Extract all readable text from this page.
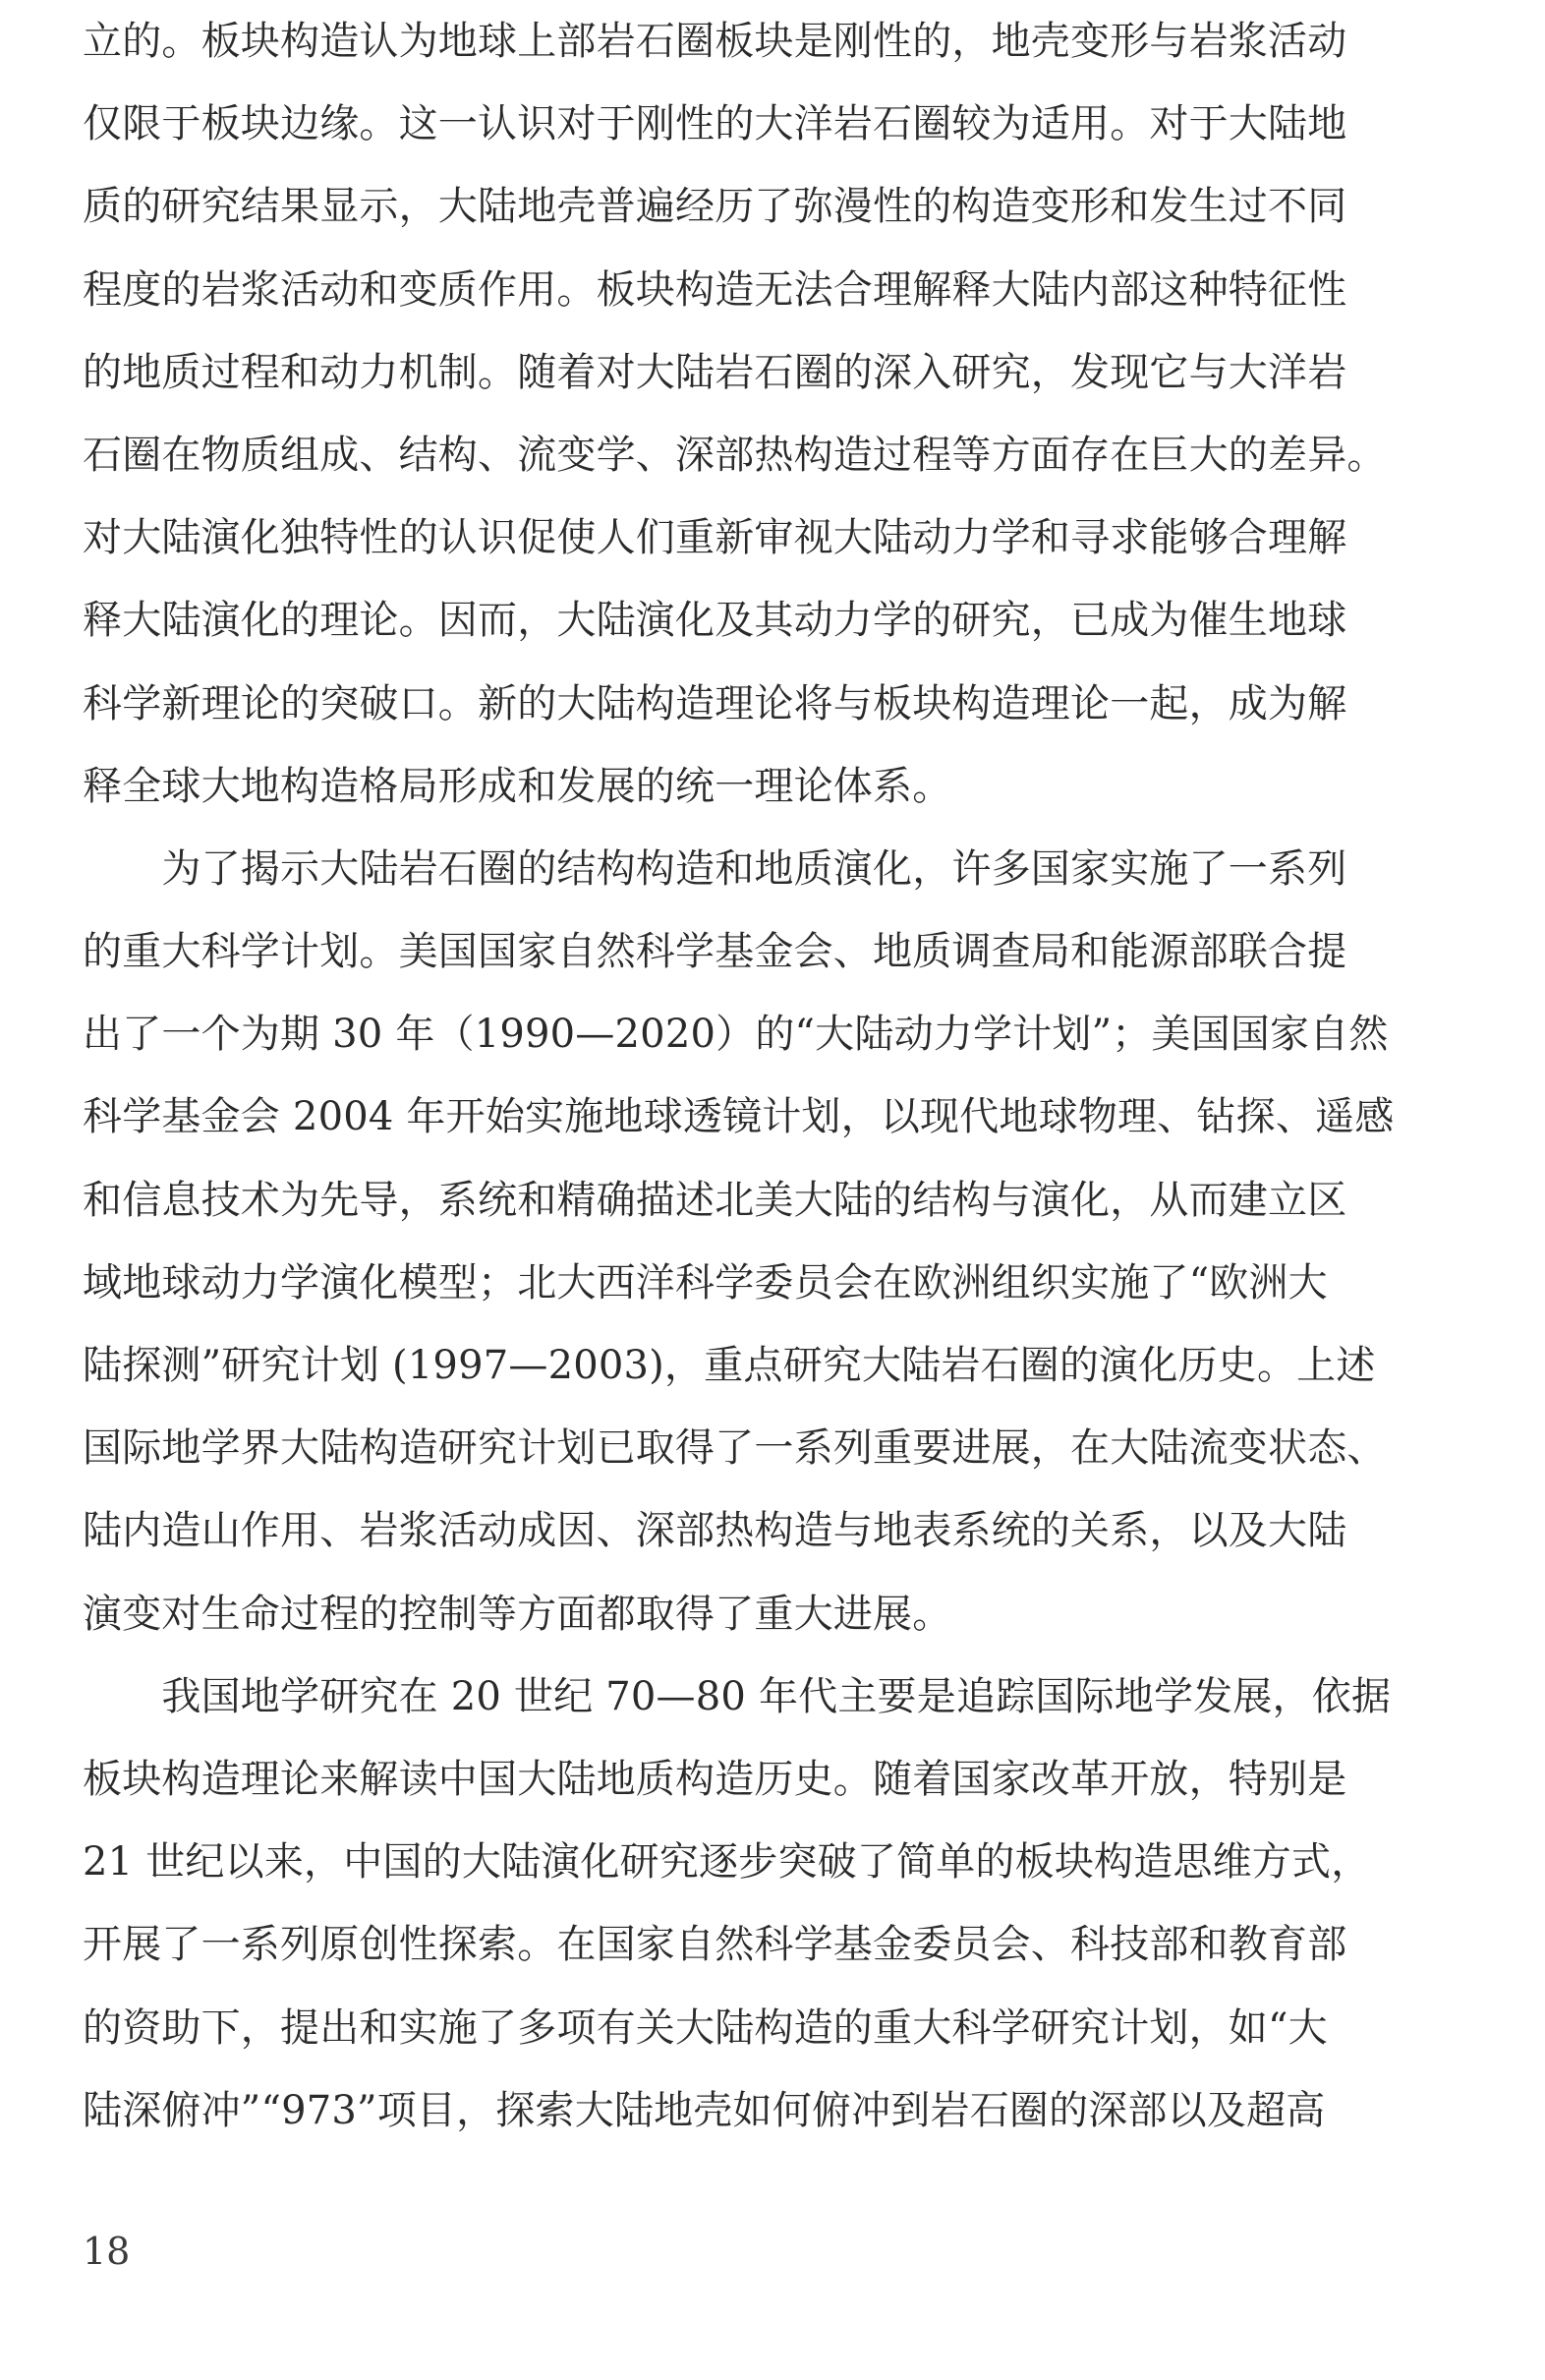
立的。板块构造认为地球上部岩石圈板块是刚性的，地壳变形与岩浆活动
仅限于板块边缘。这一认识对于刚性的大洋岩石圈较为适用。对于大陆地
质的研究结果显示，大陆地壳普遍经历了弥漫性的构造变形和发生过不同
程度的岩浆活动和变质作用。板块构造无法合理解释大陆内部这种特征性
的地质过程和动力机制。随着对大陆岩石圈的深入研究，发现它与大洋岩
石圈在物质组成、结构、流变学、深部热构造过程等方面存在巨大的差异。
对大陆演化独特性的认识促使人们重新审视大陆动力学和寻求能够合理解
释大陆演化的理论。因而，大陆演化及其动力学的研究，已成为催生地球
科学新理论的突破口。新的大陆构造理论将与板块构造理论一起，成为解
释全球大地构造格局形成和发展的统一理论体系。
　　为了揭示大陆岩石圈的结构构造和地质演化，许多国家实施了一系列
的重大科学计划。美国国家自然科学基金会、地质调查局和能源部联合提
出了一个为期 30 年（1990—2020）的“大陆动力学计划”；美国国家自然
科学基金会 2004 年开始实施地球透镜计划，以现代地球物理、钻探、遥感
和信息技术为先导，系统和精确描述北美大陆的结构与演化，从而建立区
域地球动力学演化模型；北大西洋科学委员会在欧洲组织实施了“欧洲大
陆探测”研究计划 (1997—2003)，重点研究大陆岩石圈的演化历史。上述
国际地学界大陆构造研究计划已取得了一系列重要进展，在大陆流变状态、
陆内造山作用、岩浆活动成因、深部热构造与地表系统的关系，以及大陆
演变对生命过程的控制等方面都取得了重大进展。
　　我国地学研究在 20 世纪 70—80 年代主要是追踪国际地学发展，依据
板块构造理论来解读中国大陆地质构造历史。随着国家改革开放，特别是
21 世纪以来，中国的大陆演化研究逐步突破了简单的板块构造思维方式，
开展了一系列原创性探索。在国家自然科学基金委员会、科技部和教育部
的资助下，提出和实施了多项有关大陆构造的重大科学研究计划，如“大
陆深俯冲”“973”项目，探索大陆地壳如何俯冲到岩石圈的深部以及超高
18
